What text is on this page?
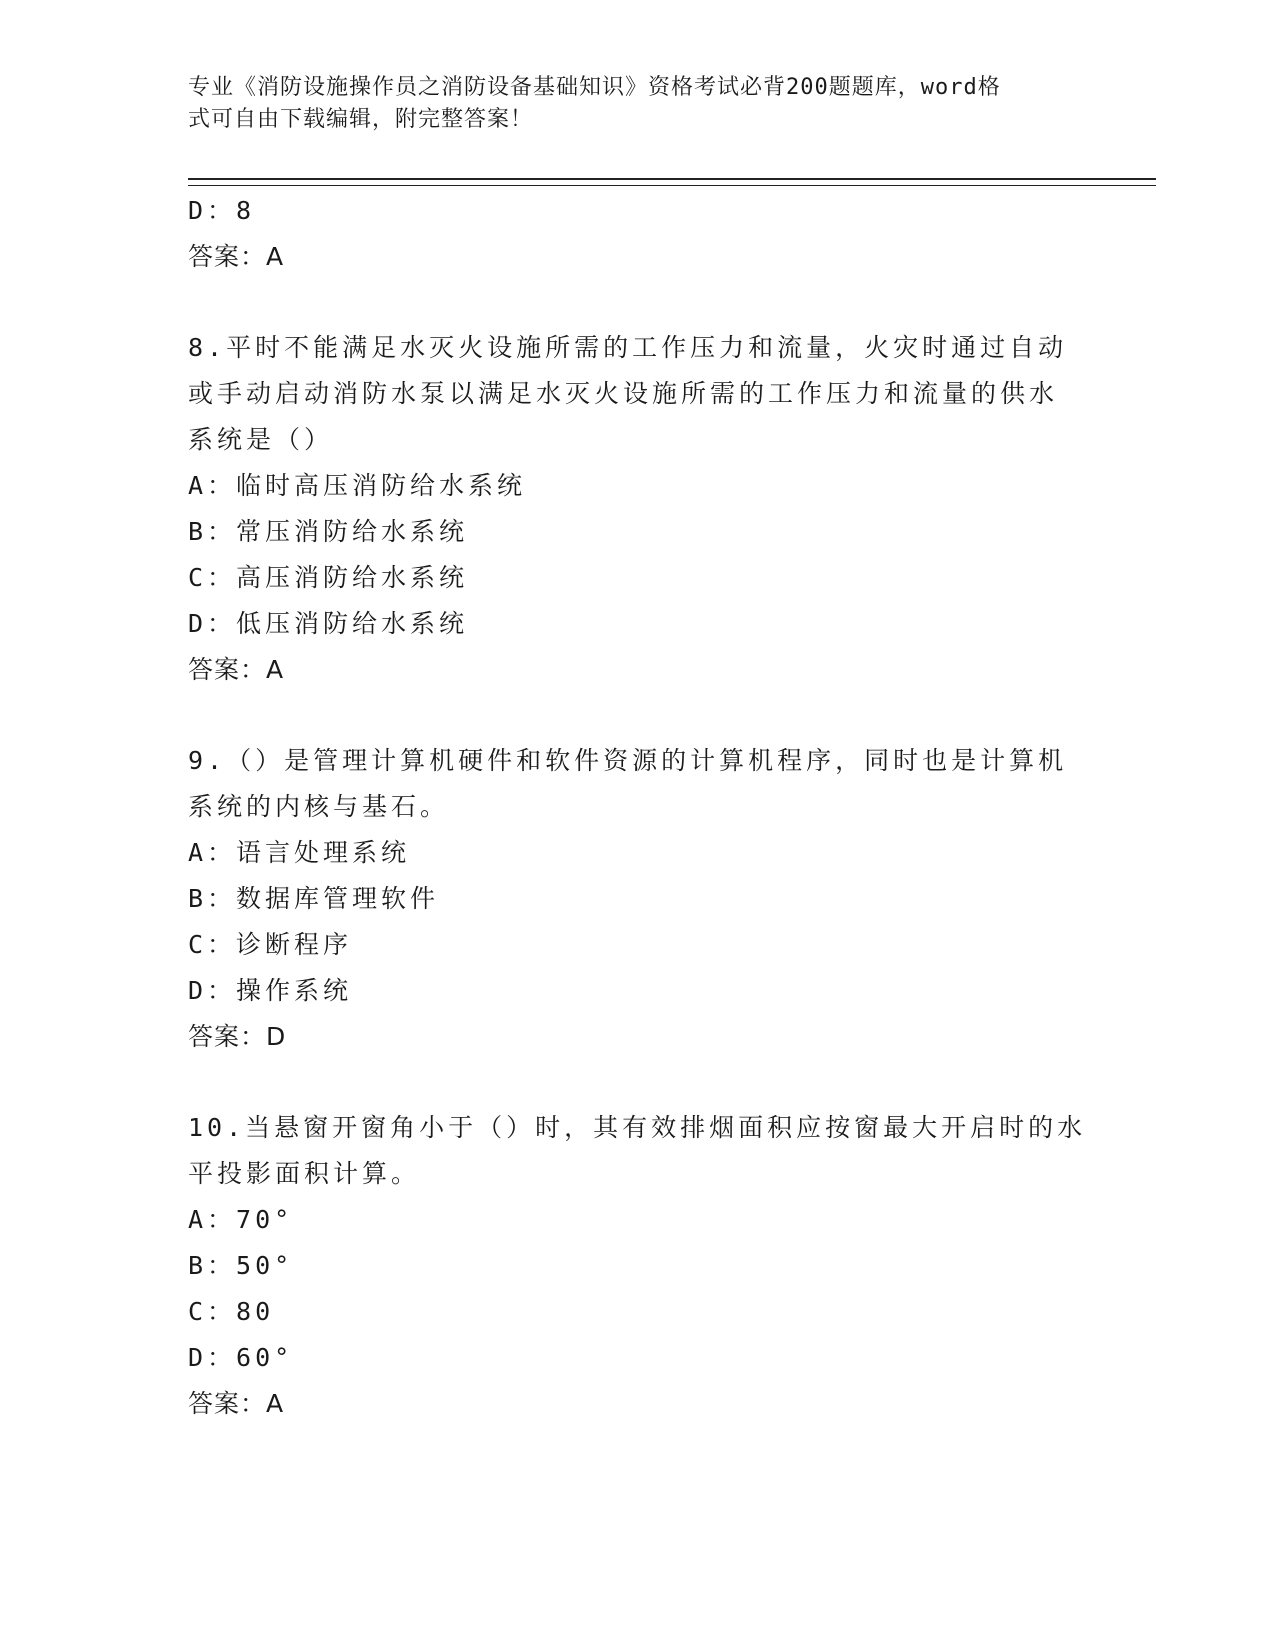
专业《消防设施操作员之消防设备基础知识》资格考试必背200题题库，word格
式可自由下载编辑，附完整答案！
D：8
答案：A
8.平时不能满足水灭火设施所需的工作压力和流量，火灾时通过自动
或手动启动消防水泵以满足水灭火设施所需的工作压力和流量的供水
系统是（）
A：临时高压消防给水系统
B：常压消防给水系统
C：高压消防给水系统
D：低压消防给水系统
答案：A
9.（）是管理计算机硬件和软件资源的计算机程序，同时也是计算机
系统的内核与基石。
A：语言处理系统
B：数据库管理软件
C：诊断程序
D：操作系统
答案：D
10.当悬窗开窗角小于（）时，其有效排烟面积应按窗最大开启时的水
平投影面积计算。
A：70°
B：50°
C：80
D：60°
答案：A
